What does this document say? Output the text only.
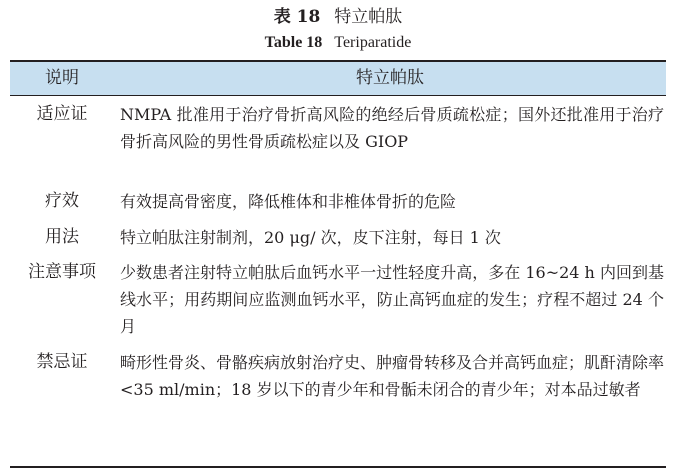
表 18 特立帕肽
Table 18 Teriparatide
说明	特立帕肽
适应证	NMPA 批准用于治疗骨折高风险的绝经后骨质疏松症；国外还批准用于治疗骨折高风险的男性骨质疏松症以及 GIOP
疗效	有效提高骨密度，降低椎体和非椎体骨折的危险
用法	特立帕肽注射制剂，20 μg/ 次，皮下注射，每日 1 次
注意事项	少数患者注射特立帕肽后血钙水平一过性轻度升高，多在 16~24 h 内回到基线水平；用药期间应监测血钙水平，防止高钙血症的发生；疗程不超过 24 个月
禁忌证	畸形性骨炎、骨骼疾病放射治疗史、肿瘤骨转移及合并高钙血症；肌酐清除率 <35 ml/min；18 岁以下的青少年和骨骺未闭合的青少年；对本品过敏者
